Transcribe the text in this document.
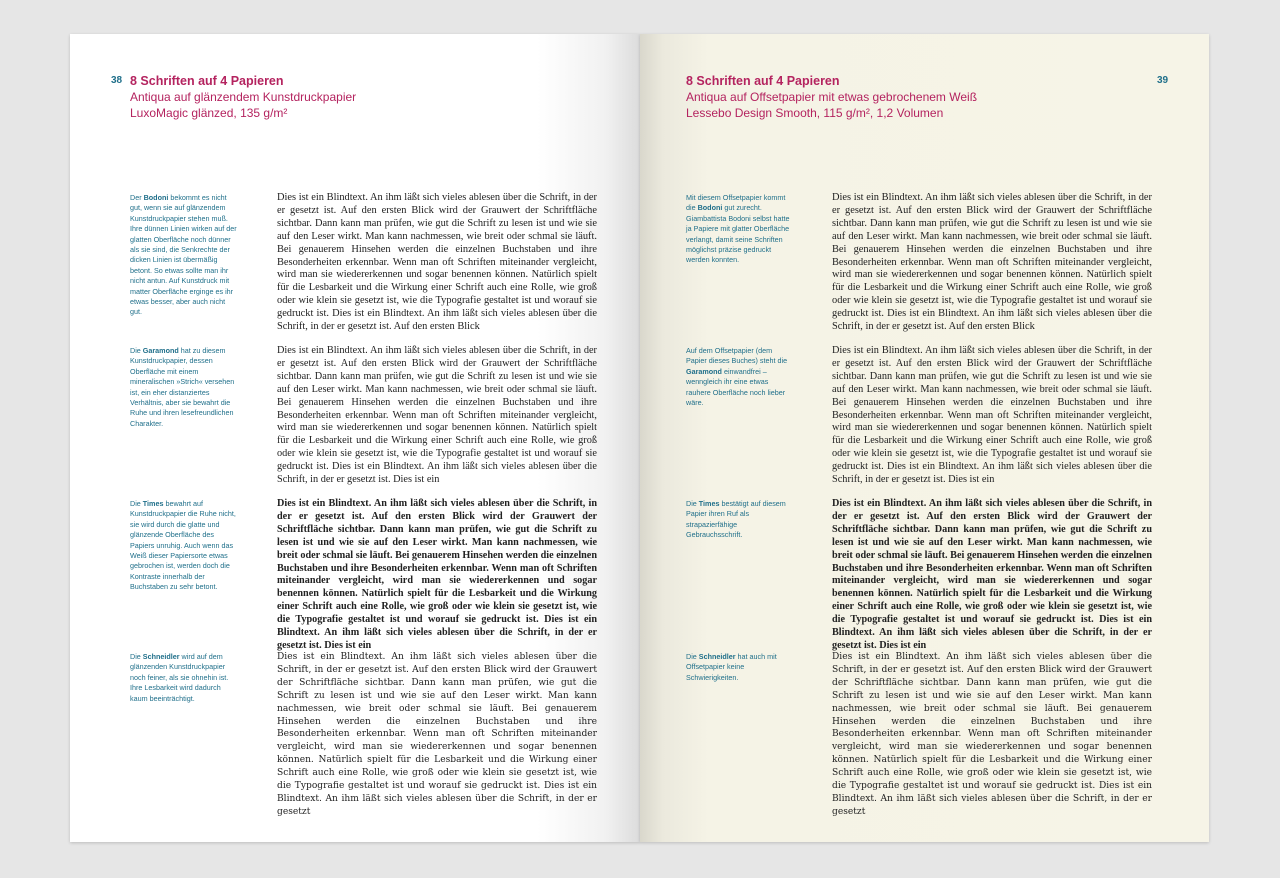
38 8 Schriften auf 4 Papieren
Antiqua auf glänzendem Kunstdruckpapier
LuxoMagic glänzed, 135 g/m²
Der Bodoni bekommt es nicht gut, wenn sie auf glänzendem Kunstdruckpapier stehen muß. Ihre dünnen Linien wirken auf der glatten Oberfläche noch dünner als sie sind, die Senkrechte der dicken Linien ist übermäßig betont. So etwas sollte man ihr nicht antun. Auf Kunstdruck mit matter Oberfläche erginge es ihr etwas besser, aber auch nicht gut.
Die Garamond hat zu diesem Kunstdruckpapier, dessen Oberfläche mit einem mineralischen »Strich« versehen ist, ein eher distanziertes Verhältnis, aber sie bewahrt die Ruhe und ihren lesefreundlichen Charakter.
Die Times bewahrt auf Kunstdruckpapier die Ruhe nicht, sie wird durch die glatte und glänzende Oberfläche des Papiers unruhig. Auch wenn das Weiß dieser Papiersorte etwas gebrochen ist, werden doch die Kontraste innerhalb der Buchstaben zu sehr betont.
Die Schneidler wird auf dem glänzenden Kunstdruckpapier noch feiner, als sie ohnehin ist. Ihre Lesbarkeit wird dadurch kaum beeinträchtigt.
Dies ist ein Blindtext. An ihm läßt sich vieles ablesen über die Schrift, in der er gesetzt ist. Auf den ersten Blick wird der Grauwert der Schriftfläche sichtbar. Dann kann man prüfen, wie gut die Schrift zu lesen ist und wie sie auf den Leser wirkt. Man kann nachmessen, wie breit oder schmal sie läuft. Bei genauerem Hinsehen werden die einzelnen Buchstaben und ihre Besonderheiten erkennbar. Wenn man oft Schriften miteinander vergleicht, wird man sie wiedererkennen und sogar benennen können. Natürlich spielt für die Lesbarkeit und die Wirkung einer Schrift auch eine Rolle, wie groß oder wie klein sie gesetzt ist, wie die Typografie gestaltet ist und worauf sie gedruckt ist. Dies ist ein Blindtext. An ihm läßt sich vieles ablesen über die Schrift, in der er gesetzt ist. Auf den ersten Blick
Dies ist ein Blindtext. An ihm läßt sich vieles ablesen über die Schrift, in der er gesetzt ist. Auf den ersten Blick wird der Grauwert der Schriftfläche sichtbar. Dann kann man prüfen, wie gut die Schrift zu lesen ist und wie sie auf den Leser wirkt. Man kann nachmessen, wie breit oder schmal sie läuft. Bei genauerem Hinsehen werden die einzelnen Buchstaben und ihre Besonderheiten erkennbar. Wenn man oft Schriften miteinander vergleicht, wird man sie wiedererkennen und sogar benennen können. Natürlich spielt für die Lesbarkeit und die Wirkung einer Schrift auch eine Rolle, wie groß oder wie klein sie gesetzt ist, wie die Typografie gestaltet ist und worauf sie gedruckt ist. Dies ist ein Blindtext. An ihm läßt sich vieles ablesen über die Schrift, in der er gesetzt ist. Dies ist ein
Dies ist ein Blindtext. An ihm läßt sich vieles ablesen über die Schrift, in der er gesetzt ist. Auf den ersten Blick wird der Grauwert der Schriftfläche sichtbar. Dann kann man prüfen, wie gut die Schrift zu lesen ist und wie sie auf den Leser wirkt. Man kann nachmessen, wie breit oder schmal sie läuft. Bei genauerem Hinsehen werden die einzelnen Buchstaben und ihre Besonderheiten erkennbar. Wenn man oft Schriften miteinander vergleicht, wird man sie wiedererkennen und sogar benennen können. Natürlich spielt für die Lesbarkeit und die Wirkung einer Schrift auch eine Rolle, wie groß oder wie klein sie gesetzt ist, wie die Typografie gestaltet ist und worauf sie gedruckt ist. Dies ist ein Blindtext. An ihm läßt sich vieles ablesen über die Schrift, in der er gesetzt ist. Dies ist ein
Dies ist ein Blindtext. An ihm läßt sich vieles ablesen über die Schrift, in der er gesetzt ist. Auf den ersten Blick wird der Grauwert der Schriftfläche sichtbar. Dann kann man prüfen, wie gut die Schrift zu lesen ist und wie sie auf den Leser wirkt. Man kann nachmessen, wie breit oder schmal sie läuft. Bei genauerem Hinsehen werden die einzelnen Buchstaben und ihre Besonderheiten erkennbar. Wenn man oft Schriften miteinander vergleicht, wird man sie wiedererkennen und sogar benennen können. Natürlich spielt für die Lesbarkeit und die Wirkung einer Schrift auch eine Rolle, wie groß oder wie klein sie gesetzt ist, wie die Typografie gestaltet ist und worauf sie gedruckt ist. Dies ist ein Blindtext. An ihm läßt sich vieles ablesen über die Schrift, in der er gesetzt
39
8 Schriften auf 4 Papieren
Antiqua auf Offsetpapier mit etwas gebrochenem Weiß
Lessebo Design Smooth, 115 g/m², 1,2 Volumen
Mit diesem Offsetpapier kommt die Bodoni gut zurecht. Giambattista Bodoni selbst hatte ja Papiere mit glatter Oberfläche verlangt, damit seine Schriften möglichst präzise gedruckt werden konnten.
Auf dem Offsetpapier (dem Papier dieses Buches) steht die Garamond einwandfrei – wenngleich ihr eine etwas rauhere Oberfläche noch lieber wäre.
Die Times bestätigt auf diesem Papier ihren Ruf als strapazierfähige Gebrauchsschrift.
Die Schneidler hat auch mit Offsetpapier keine Schwierigkeiten.
Dies ist ein Blindtext. An ihm läßt sich vieles ablesen über die Schrift, in der er gesetzt ist. Auf den ersten Blick wird der Grauwert der Schriftfläche sichtbar. Dann kann man prüfen, wie gut die Schrift zu lesen ist und wie sie auf den Leser wirkt. Man kann nachmessen, wie breit oder schmal sie läuft. Bei genauerem Hinsehen werden die einzelnen Buchstaben und ihre Besonderheiten erkennbar. Wenn man oft Schriften miteinander vergleicht, wird man sie wiedererkennen und sogar benennen können. Natürlich spielt für die Lesbarkeit und die Wirkung einer Schrift auch eine Rolle, wie groß oder wie klein sie gesetzt ist, wie die Typografie gestaltet ist und worauf sie gedruckt ist. Dies ist ein Blindtext. An ihm läßt sich vieles ablesen über die Schrift, in der er gesetzt ist. Auf den ersten Blick
Dies ist ein Blindtext. An ihm läßt sich vieles ablesen über die Schrift, in der er gesetzt ist. Auf den ersten Blick wird der Grauwert der Schriftfläche sichtbar. Dann kann man prüfen, wie gut die Schrift zu lesen ist und wie sie auf den Leser wirkt. Man kann nachmessen, wie breit oder schmal sie läuft. Bei genauerem Hinsehen werden die einzelnen Buchstaben und ihre Besonderheiten erkennbar. Wenn man oft Schriften miteinander vergleicht, wird man sie wiedererkennen und sogar benennen können. Natürlich spielt für die Lesbarkeit und die Wirkung einer Schrift auch eine Rolle, wie groß oder wie klein sie gesetzt ist, wie die Typografie gestaltet ist und worauf sie gedruckt ist. Dies ist ein Blindtext. An ihm läßt sich vieles ablesen über die Schrift, in der er gesetzt ist. Dies ist ein
Dies ist ein Blindtext. An ihm läßt sich vieles ablesen über die Schrift, in der er gesetzt ist. Auf den ersten Blick wird der Grauwert der Schriftfläche sichtbar. Dann kann man prüfen, wie gut die Schrift zu lesen ist und wie sie auf den Leser wirkt. Man kann nachmessen, wie breit oder schmal sie läuft. Bei genauerem Hinsehen werden die einzelnen Buchstaben und ihre Besonderheiten erkennbar. Wenn man oft Schriften miteinander vergleicht, wird man sie wiedererkennen und sogar benennen können. Natürlich spielt für die Lesbarkeit und die Wirkung einer Schrift auch eine Rolle, wie groß oder wie klein sie gesetzt ist, wie die Typografie gestaltet ist und worauf sie gedruckt ist. Dies ist ein Blindtext. An ihm läßt sich vieles ablesen über die Schrift, in der er gesetzt ist. Dies ist ein
Dies ist ein Blindtext. An ihm läßt sich vieles ablesen über die Schrift, in der er gesetzt ist. Auf den ersten Blick wird der Grauwert der Schriftfläche sichtbar. Dann kann man prüfen, wie gut die Schrift zu lesen ist und wie sie auf den Leser wirkt. Man kann nachmessen, wie breit oder schmal sie läuft. Bei genauerem Hinsehen werden die einzelnen Buchstaben und ihre Besonderheiten erkennbar. Wenn man oft Schriften miteinander vergleicht, wird man sie wiedererkennen und sogar benennen können. Natürlich spielt für die Lesbarkeit und die Wirkung einer Schrift auch eine Rolle, wie groß oder wie klein sie gesetzt ist, wie die Typografie gestaltet ist und worauf sie gedruckt ist. Dies ist ein Blindtext. An ihm läßt sich vieles ablesen über die Schrift, in der er gesetzt
